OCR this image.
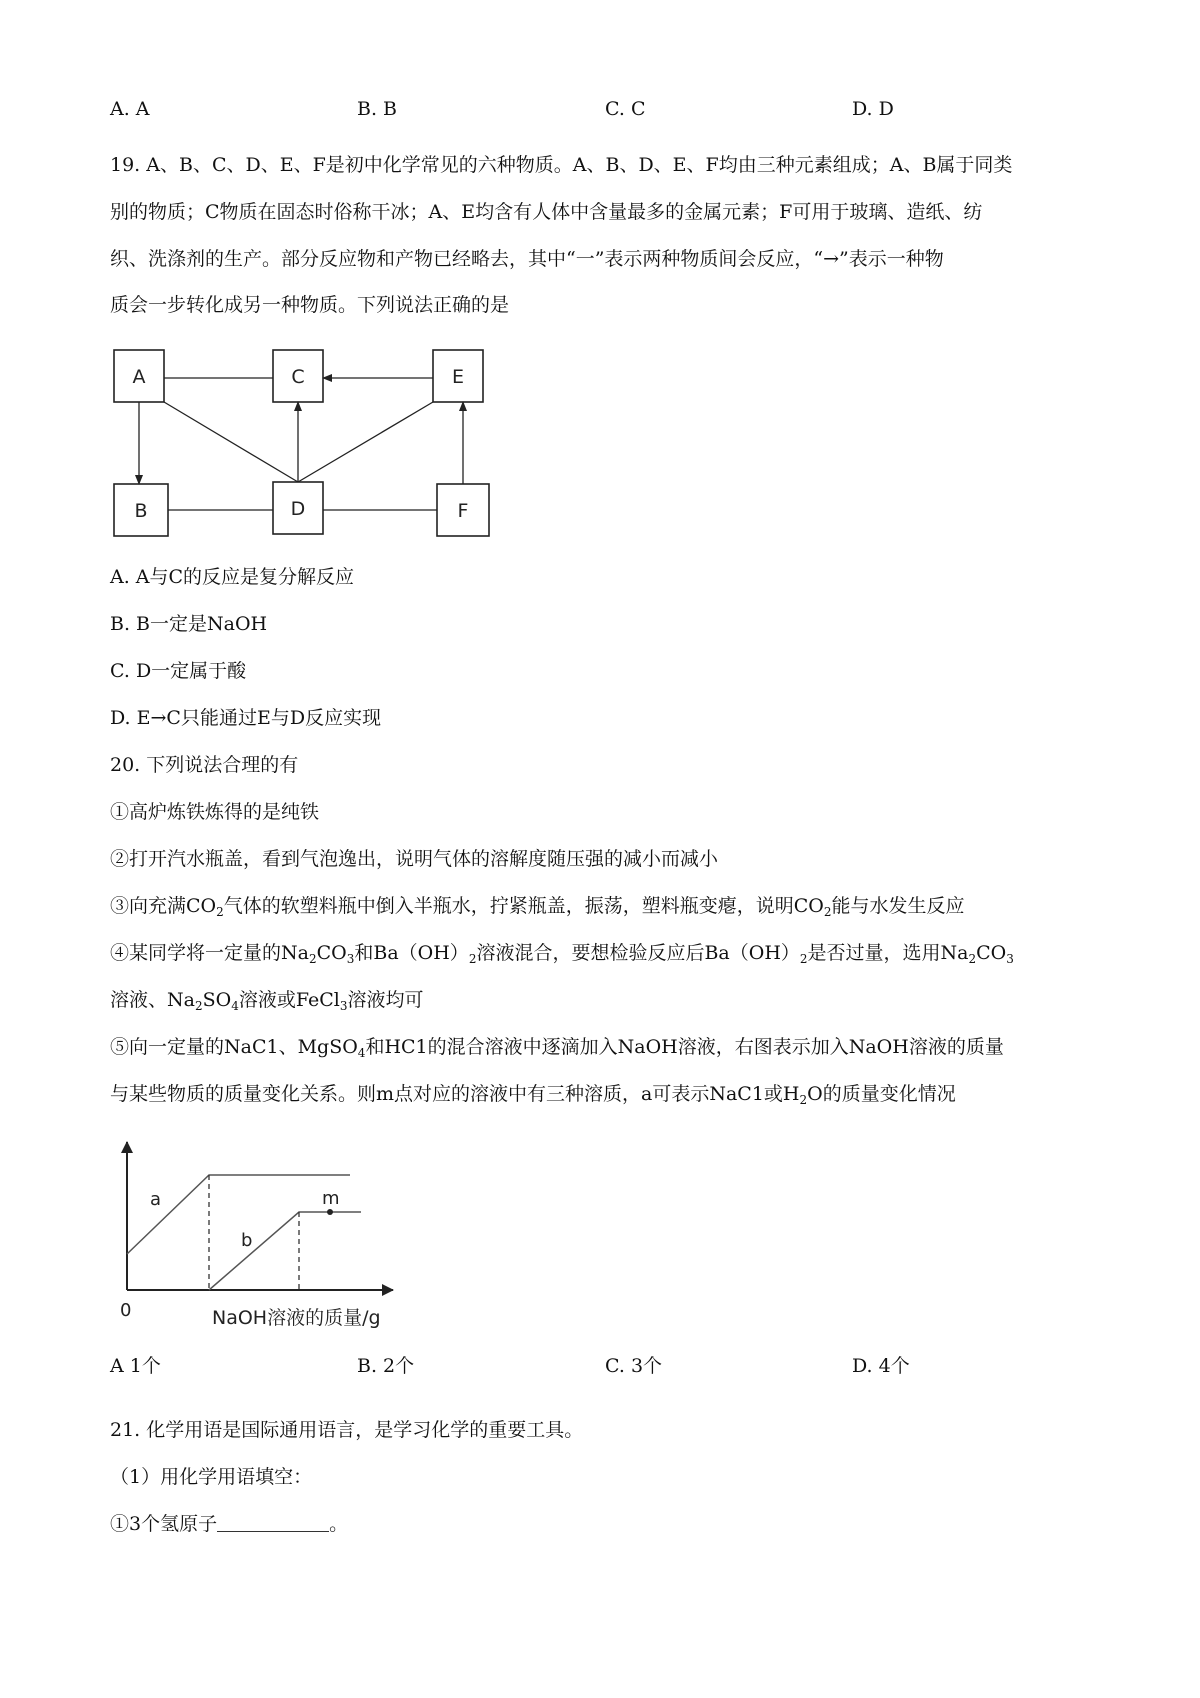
A. A	B. B	C. C	D. D
19. A、B、C、D、E、F是初中化学常见的六种物质。A、B、D、E、F均由三种元素组成；A、B属于同类
别的物质；C物质在固态时俗称干冰；A、E均含有人体中含量最多的金属元素；F可用于玻璃、造纸、纺
织、洗涤剂的生产。部分反应物和产物已经略去，其中“一”表示两种物质间会反应，“→”表示一种物
质会一步转化成另一种物质。下列说法正确的是
A	C	E
B	D	F
A. A与C的反应是复分解反应
B. B一定是NaOH
C. D一定属于酸
D. E→C只能通过E与D反应实现
20. 下列说法合理的有
①高炉炼铁炼得的是纯铁
②打开汽水瓶盖，看到气泡逸出，说明气体的溶解度随压强的减小而减小
③向充满$CO_2$气体的软塑料瓶中倒入半瓶水，拧紧瓶盖，振荡，塑料瓶变瘪，说明$CO_2$能与水发生反应
④某同学将一定量的$Na_2CO_3$和$Ba(OH)_2$溶液混合，要想检验反应后$Ba(OH)_2$是否过量，选用$Na_2CO_3$
溶液、$Na_2SO_4$溶液或FeCl$_3$溶液均可
⑤向一定量的NaC1、MgSO$_4$和HC1的混合溶液中逐滴加入NaOH溶液，右图表示加入NaOH溶液的质量
与某些物质的质量变化关系。则m点对应的溶液中有三种溶质，a可表示NaC1或$H_2O$的质量变化情况
a
b
m
0	NaOH溶液的质量/g
A 1个	B. 2个	C. 3个	D. 4个
21. 化学用语是国际通用语言，是学习化学的重要工具。
（1）用化学用语填空：
①3个氢原子	。
